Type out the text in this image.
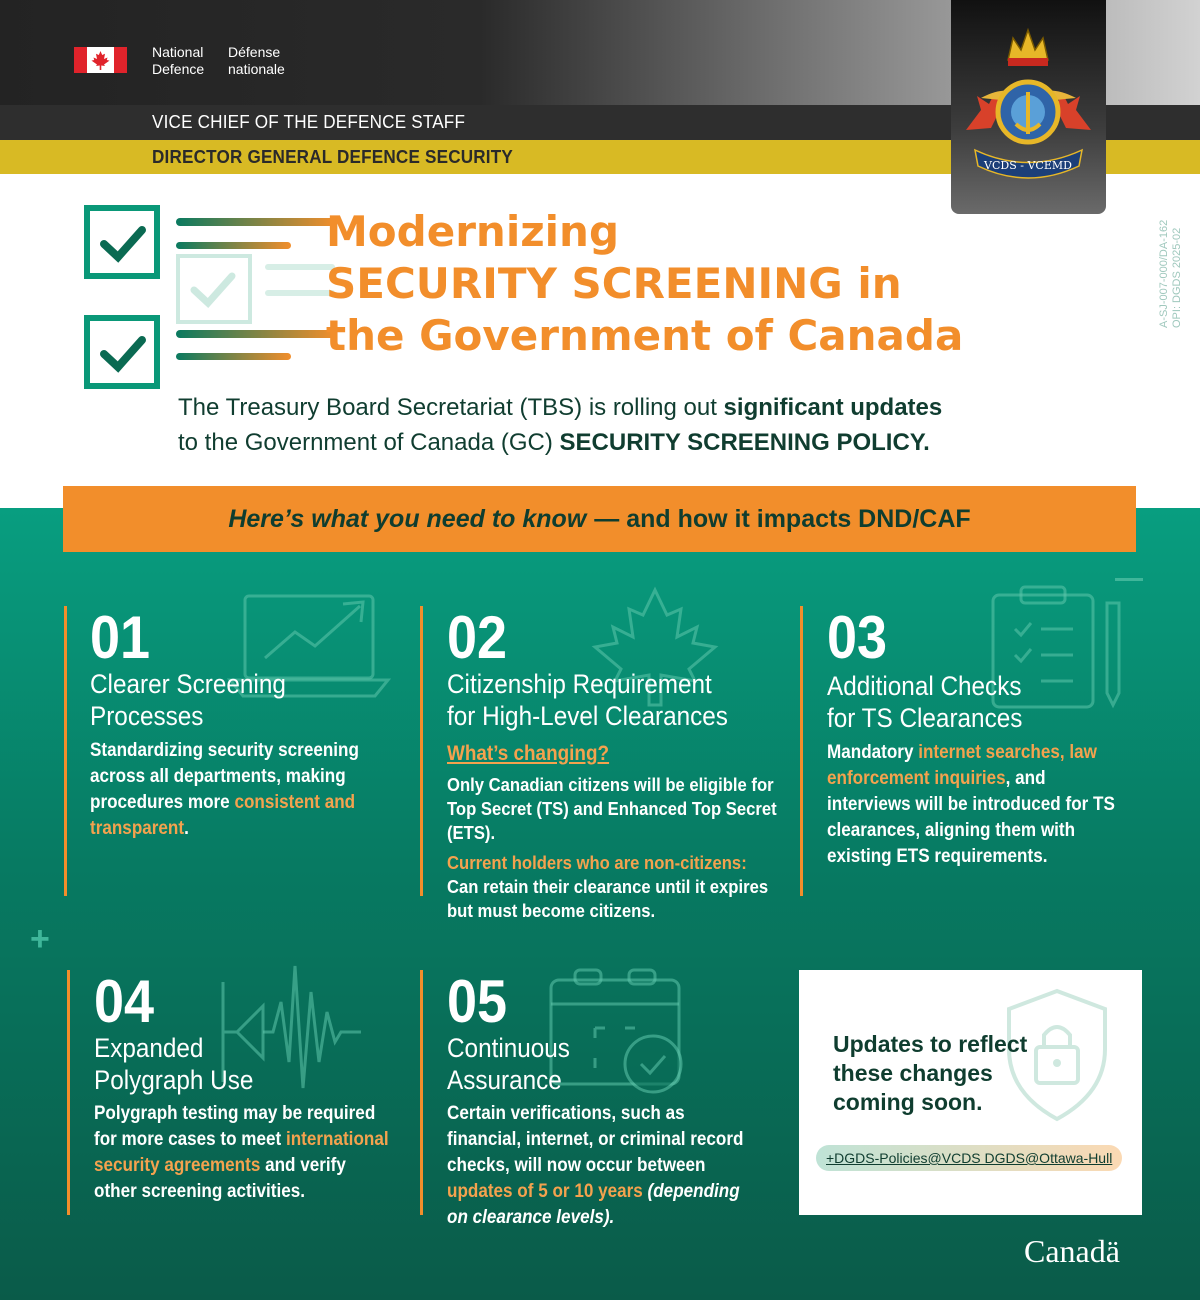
National
Defence
Défense
nationale
VICE CHIEF OF THE DEFENCE STAFF
DIRECTOR GENERAL DEFENCE SECURITY	VCDS - VCEMD
A-SJ-007-000/DA-162 OPI: DGDS 2025-02
Modernizing
SECURITY SCREENING in
the Government of Canada
The Treasury Board Secretariat (TBS) is rolling out significant updates
to the Government of Canada (GC) SECURITY SCREENING POLICY.
Here’s what you need to know — and how it impacts DND/CAF
+
01
Clearer Screening
Processes
Standardizing security screening across all departments, making procedures more consistent and transparent.
02
Citizenship Requirement
for High-Level Clearances
What’s changing?
Only Canadian citizens will be eligible for Top Secret (TS) and Enhanced Top Secret (ETS).
Current holders who are non-citizens:
Can retain their clearance until it expires but must become citizens.
03
Additional Checks
for TS Clearances
Mandatory internet searches, law enforcement inquiries, and interviews will be introduced for TS clearances, aligning them with existing ETS requirements.
04
Expanded
Polygraph Use
Polygraph testing may be required for more cases to meet international security agreements and verify other screening activities.
05
Continuous
Assurance
Certain verifications, such as financial, internet, or criminal record checks, will now occur between updates of 5 or 10 years (depending on clearance levels).
Updates to reflect
these changes
coming soon.
+DGDS-Policies@VCDS DGDS@Ottawa-Hull
Canadä
